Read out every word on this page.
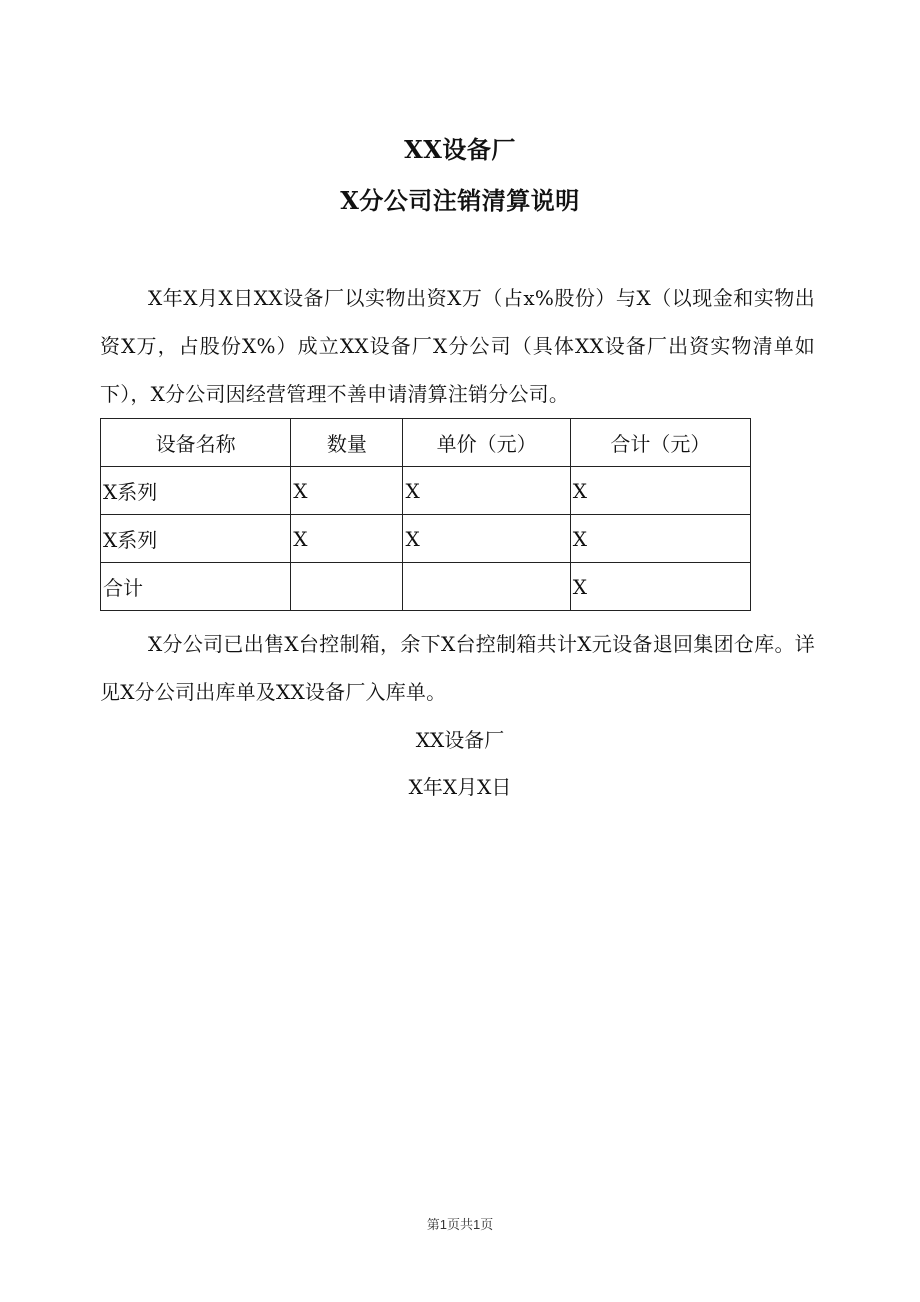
XX设备厂
X分公司注销清算说明
X年X月X日XX设备厂以实物出资X万（占x%股份）与X（以现金和实物出资X万，占股份X%）成立XX设备厂X分公司（具体XX设备厂出资实物清单如下），X分公司因经营管理不善申请清算注销分公司。
设备名称	数量	单价（元）	合计（元）
X系列	X	X	X
X系列	X	X	X
合计			X
X分公司已出售X台控制箱，余下X台控制箱共计X元设备退回集团仓库。详见X分公司出库单及XX设备厂入库单。
XX设备厂
X年X月X日
第1页共1页
